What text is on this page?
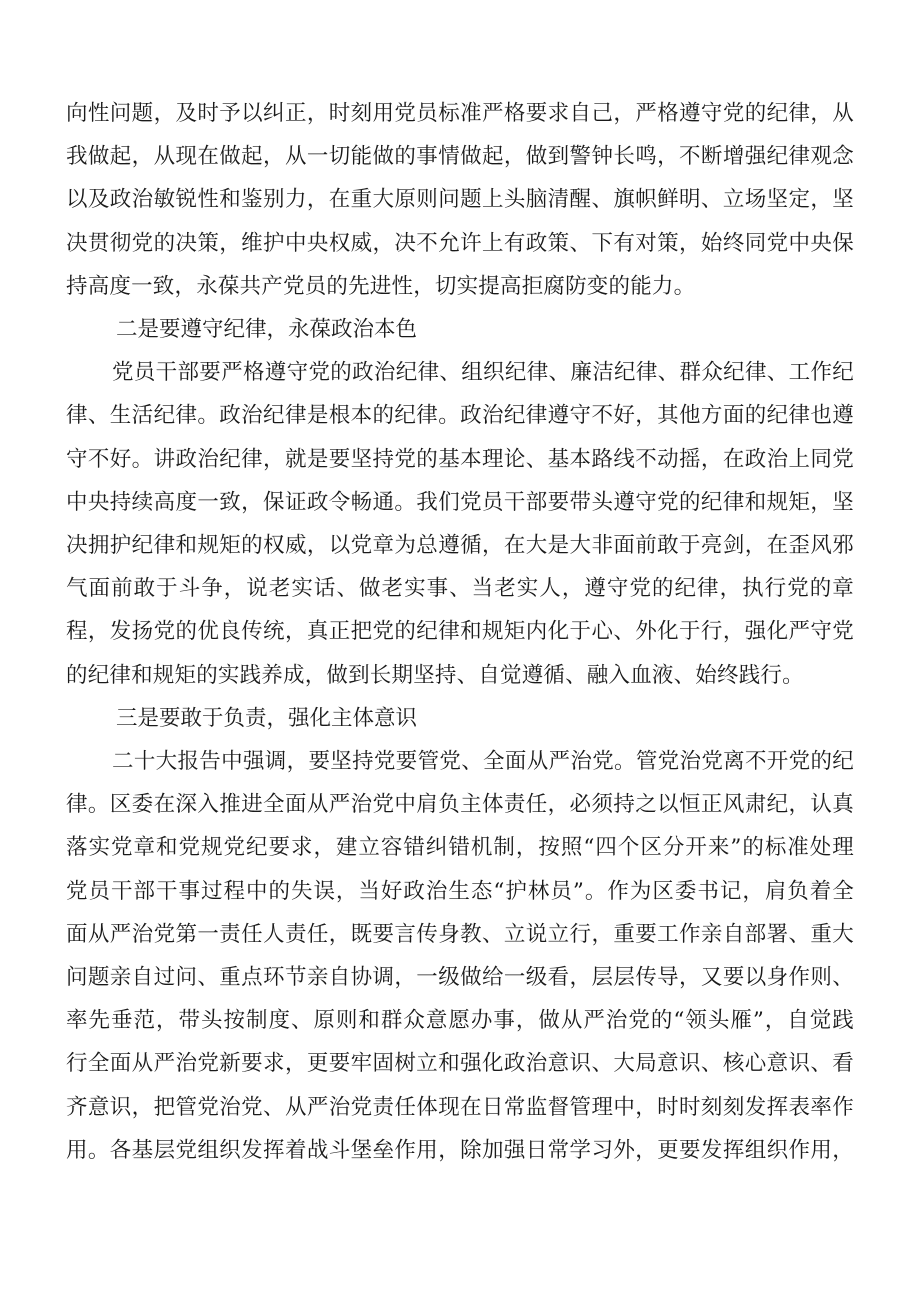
向性问题，及时予以纠正，时刻用党员标准严格要求自己，严格遵守党的纪律，从
我做起，从现在做起，从一切能做的事情做起，做到警钟长鸣，不断增强纪律观念
以及政治敏锐性和鉴别力，在重大原则问题上头脑清醒、旗帜鲜明、立场坚定，坚
决贯彻党的决策，维护中央权威，决不允许上有政策、下有对策，始终同党中央保
持高度一致，永葆共产党员的先进性，切实提高拒腐防变的能力。
二是要遵守纪律，永葆政治本色
党员干部要严格遵守党的政治纪律、组织纪律、廉洁纪律、群众纪律、工作纪
律、生活纪律。政治纪律是根本的纪律。政治纪律遵守不好，其他方面的纪律也遵
守不好。讲政治纪律，就是要坚持党的基本理论、基本路线不动摇，在政治上同党
中央持续高度一致，保证政令畅通。我们党员干部要带头遵守党的纪律和规矩，坚
决拥护纪律和规矩的权威，以党章为总遵循，在大是大非面前敢于亮剑，在歪风邪
气面前敢于斗争，说老实话、做老实事、当老实人，遵守党的纪律，执行党的章
程，发扬党的优良传统，真正把党的纪律和规矩内化于心、外化于行，强化严守党
的纪律和规矩的实践养成，做到长期坚持、自觉遵循、融入血液、始终践行。
三是要敢于负责，强化主体意识
二十大报告中强调，要坚持党要管党、全面从严治党。管党治党离不开党的纪
律。区委在深入推进全面从严治党中肩负主体责任，必须持之以恒正风肃纪，认真
落实党章和党规党纪要求，建立容错纠错机制，按照“四个区分开来”的标准处理
党员干部干事过程中的失误，当好政治生态“护林员”。作为区委书记，肩负着全
面从严治党第一责任人责任，既要言传身教、立说立行，重要工作亲自部署、重大
问题亲自过问、重点环节亲自协调，一级做给一级看，层层传导，又要以身作则、
率先垂范，带头按制度、原则和群众意愿办事，做从严治党的“领头雁”，自觉践
行全面从严治党新要求，更要牢固树立和强化政治意识、大局意识、核心意识、看
齐意识，把管党治党、从严治党责任体现在日常监督管理中，时时刻刻发挥表率作
用。各基层党组织发挥着战斗堡垒作用，除加强日常学习外，更要发挥组织作用，
